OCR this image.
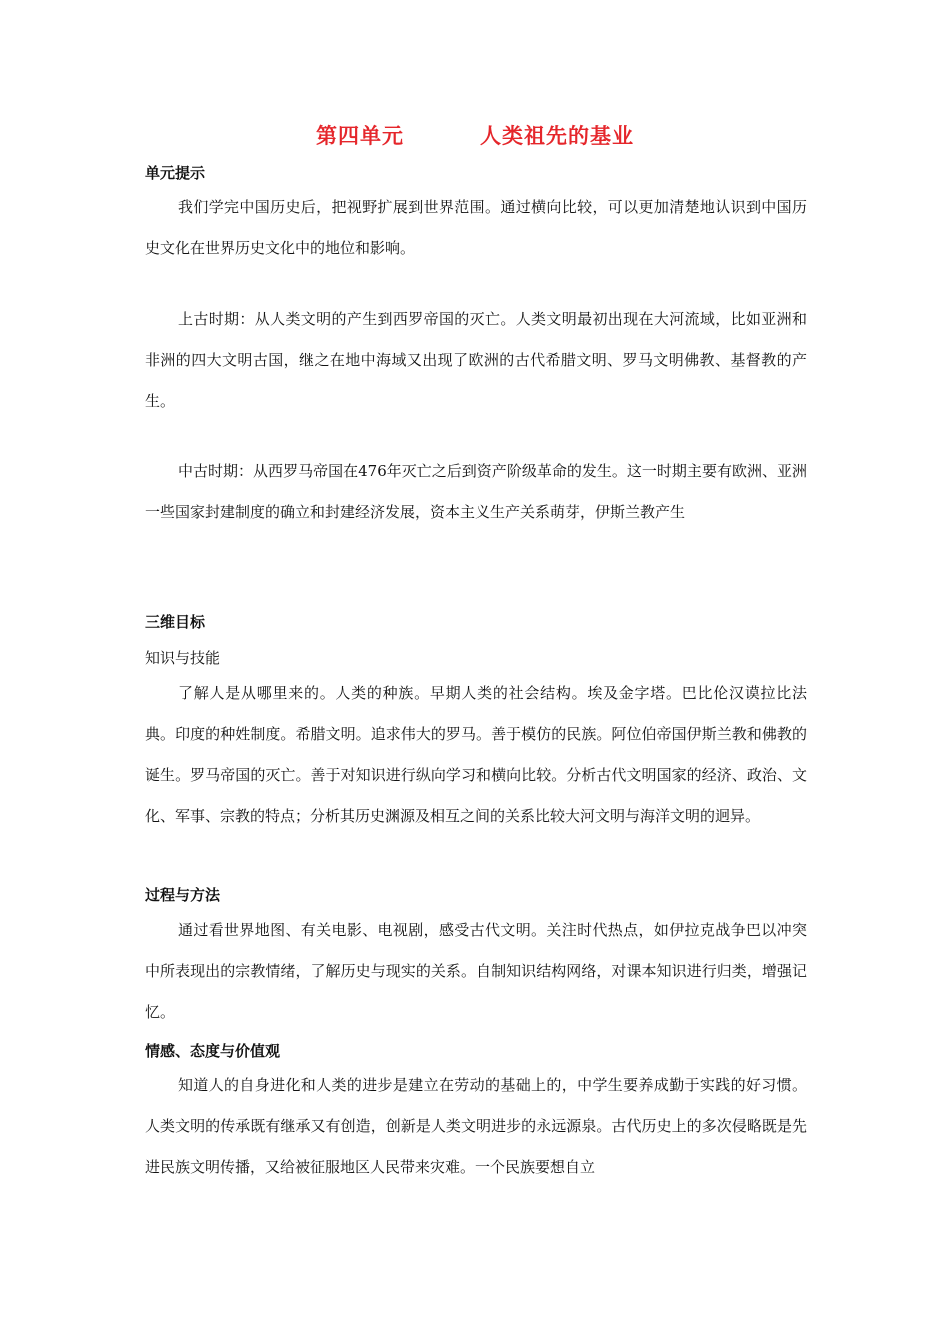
第四单元	人类祖先的基业
单元提示
我们学完中国历史后，把视野扩展到世界范围。通过横向比较，可以更加清楚地认识到中国历史文化在世界历史文化中的地位和影响。
上古时期：从人类文明的产生到西罗帝国的灭亡。人类文明最初出现在大河流域，比如亚洲和非洲的四大文明古国，继之在地中海域又出现了欧洲的古代希腊文明、罗马文明佛教、基督教的产生。
中古时期：从西罗马帝国在476年灭亡之后到资产阶级革命的发生。这一时期主要有欧洲、亚洲一些国家封建制度的确立和封建经济发展，资本主义生产关系萌芽，伊斯兰教产生
三维目标
知识与技能
了解人是从哪里来的。人类的种族。早期人类的社会结构。埃及金字塔。巴比伦汉谟拉比法典。印度的种姓制度。希腊文明。追求伟大的罗马。善于模仿的民族。阿位伯帝国伊斯兰教和佛教的诞生。罗马帝国的灭亡。善于对知识进行纵向学习和横向比较。分析古代文明国家的经济、政治、文化、军事、宗教的特点；分析其历史渊源及相互之间的关系比较大河文明与海洋文明的迥异。
过程与方法
通过看世界地图、有关电影、电视剧，感受古代文明。关注时代热点，如伊拉克战争巴以冲突中所表现出的宗教情绪，了解历史与现实的关系。自制知识结构网络，对课本知识进行归类，增强记忆。
情感、态度与价值观
知道人的自身进化和人类的进步是建立在劳动的基础上的，中学生要养成勤于实践的好习惯。人类文明的传承既有继承又有创造，创新是人类文明进步的永远源泉。古代历史上的多次侵略既是先进民族文明传播，又给被征服地区人民带来灾难。一个民族要想自立
